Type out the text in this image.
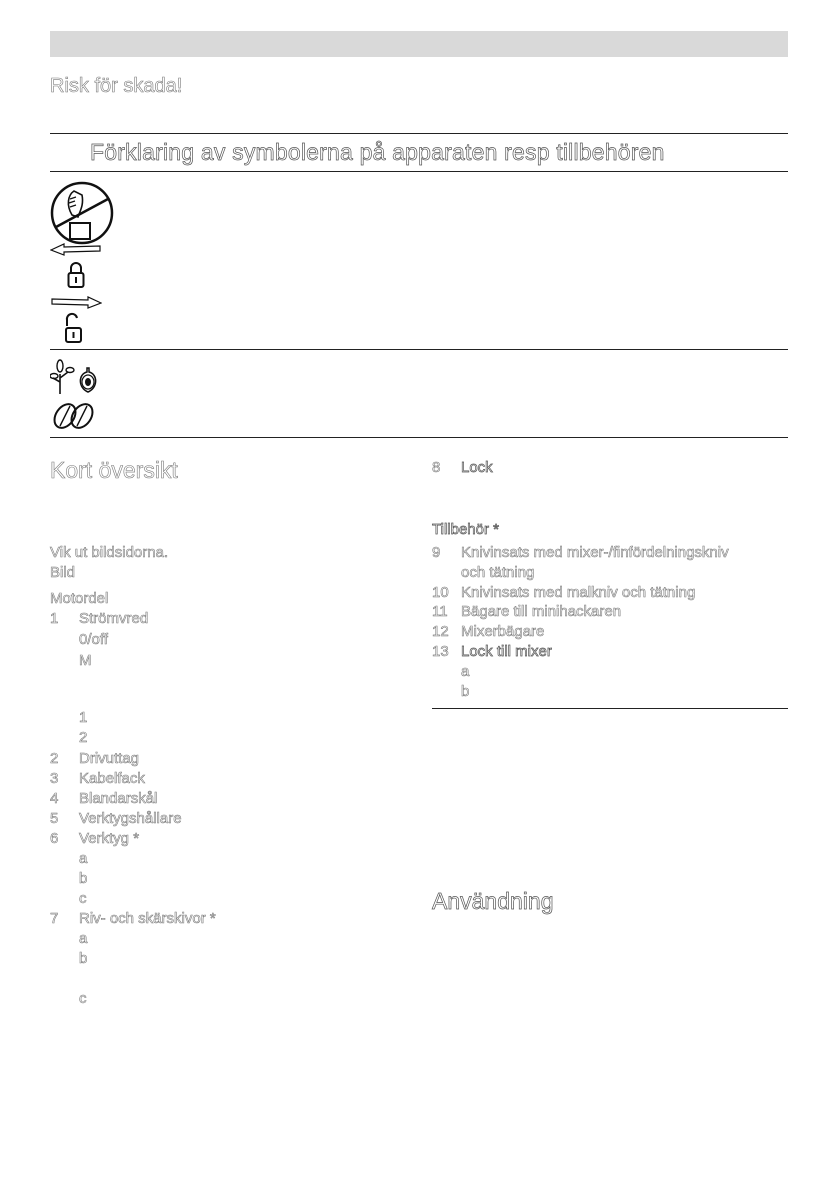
Risk för skada!
Förklaring av symbolerna på apparaten resp tillbehören
Kort översikt
Vik ut bildsidorna.
Bild
Motordel
1 Strömvred
0/off
M
1
2
2 Drivuttag
3 Kabelfack
4 Blandarskål
5 Verktygshållare
6 Verktyg *
a
b
c
7 Riv- och skärskivor *
a
b
c
8 Lock
Tillbehör *
9 Knivinsats med mixer-/finfördelningskniv
och tätning
10 Knivinsats med malkniv och tätning
11 Bägare till minihackaren
12 Mixerbägare
13 Lock till mixer
a
b
Användning
